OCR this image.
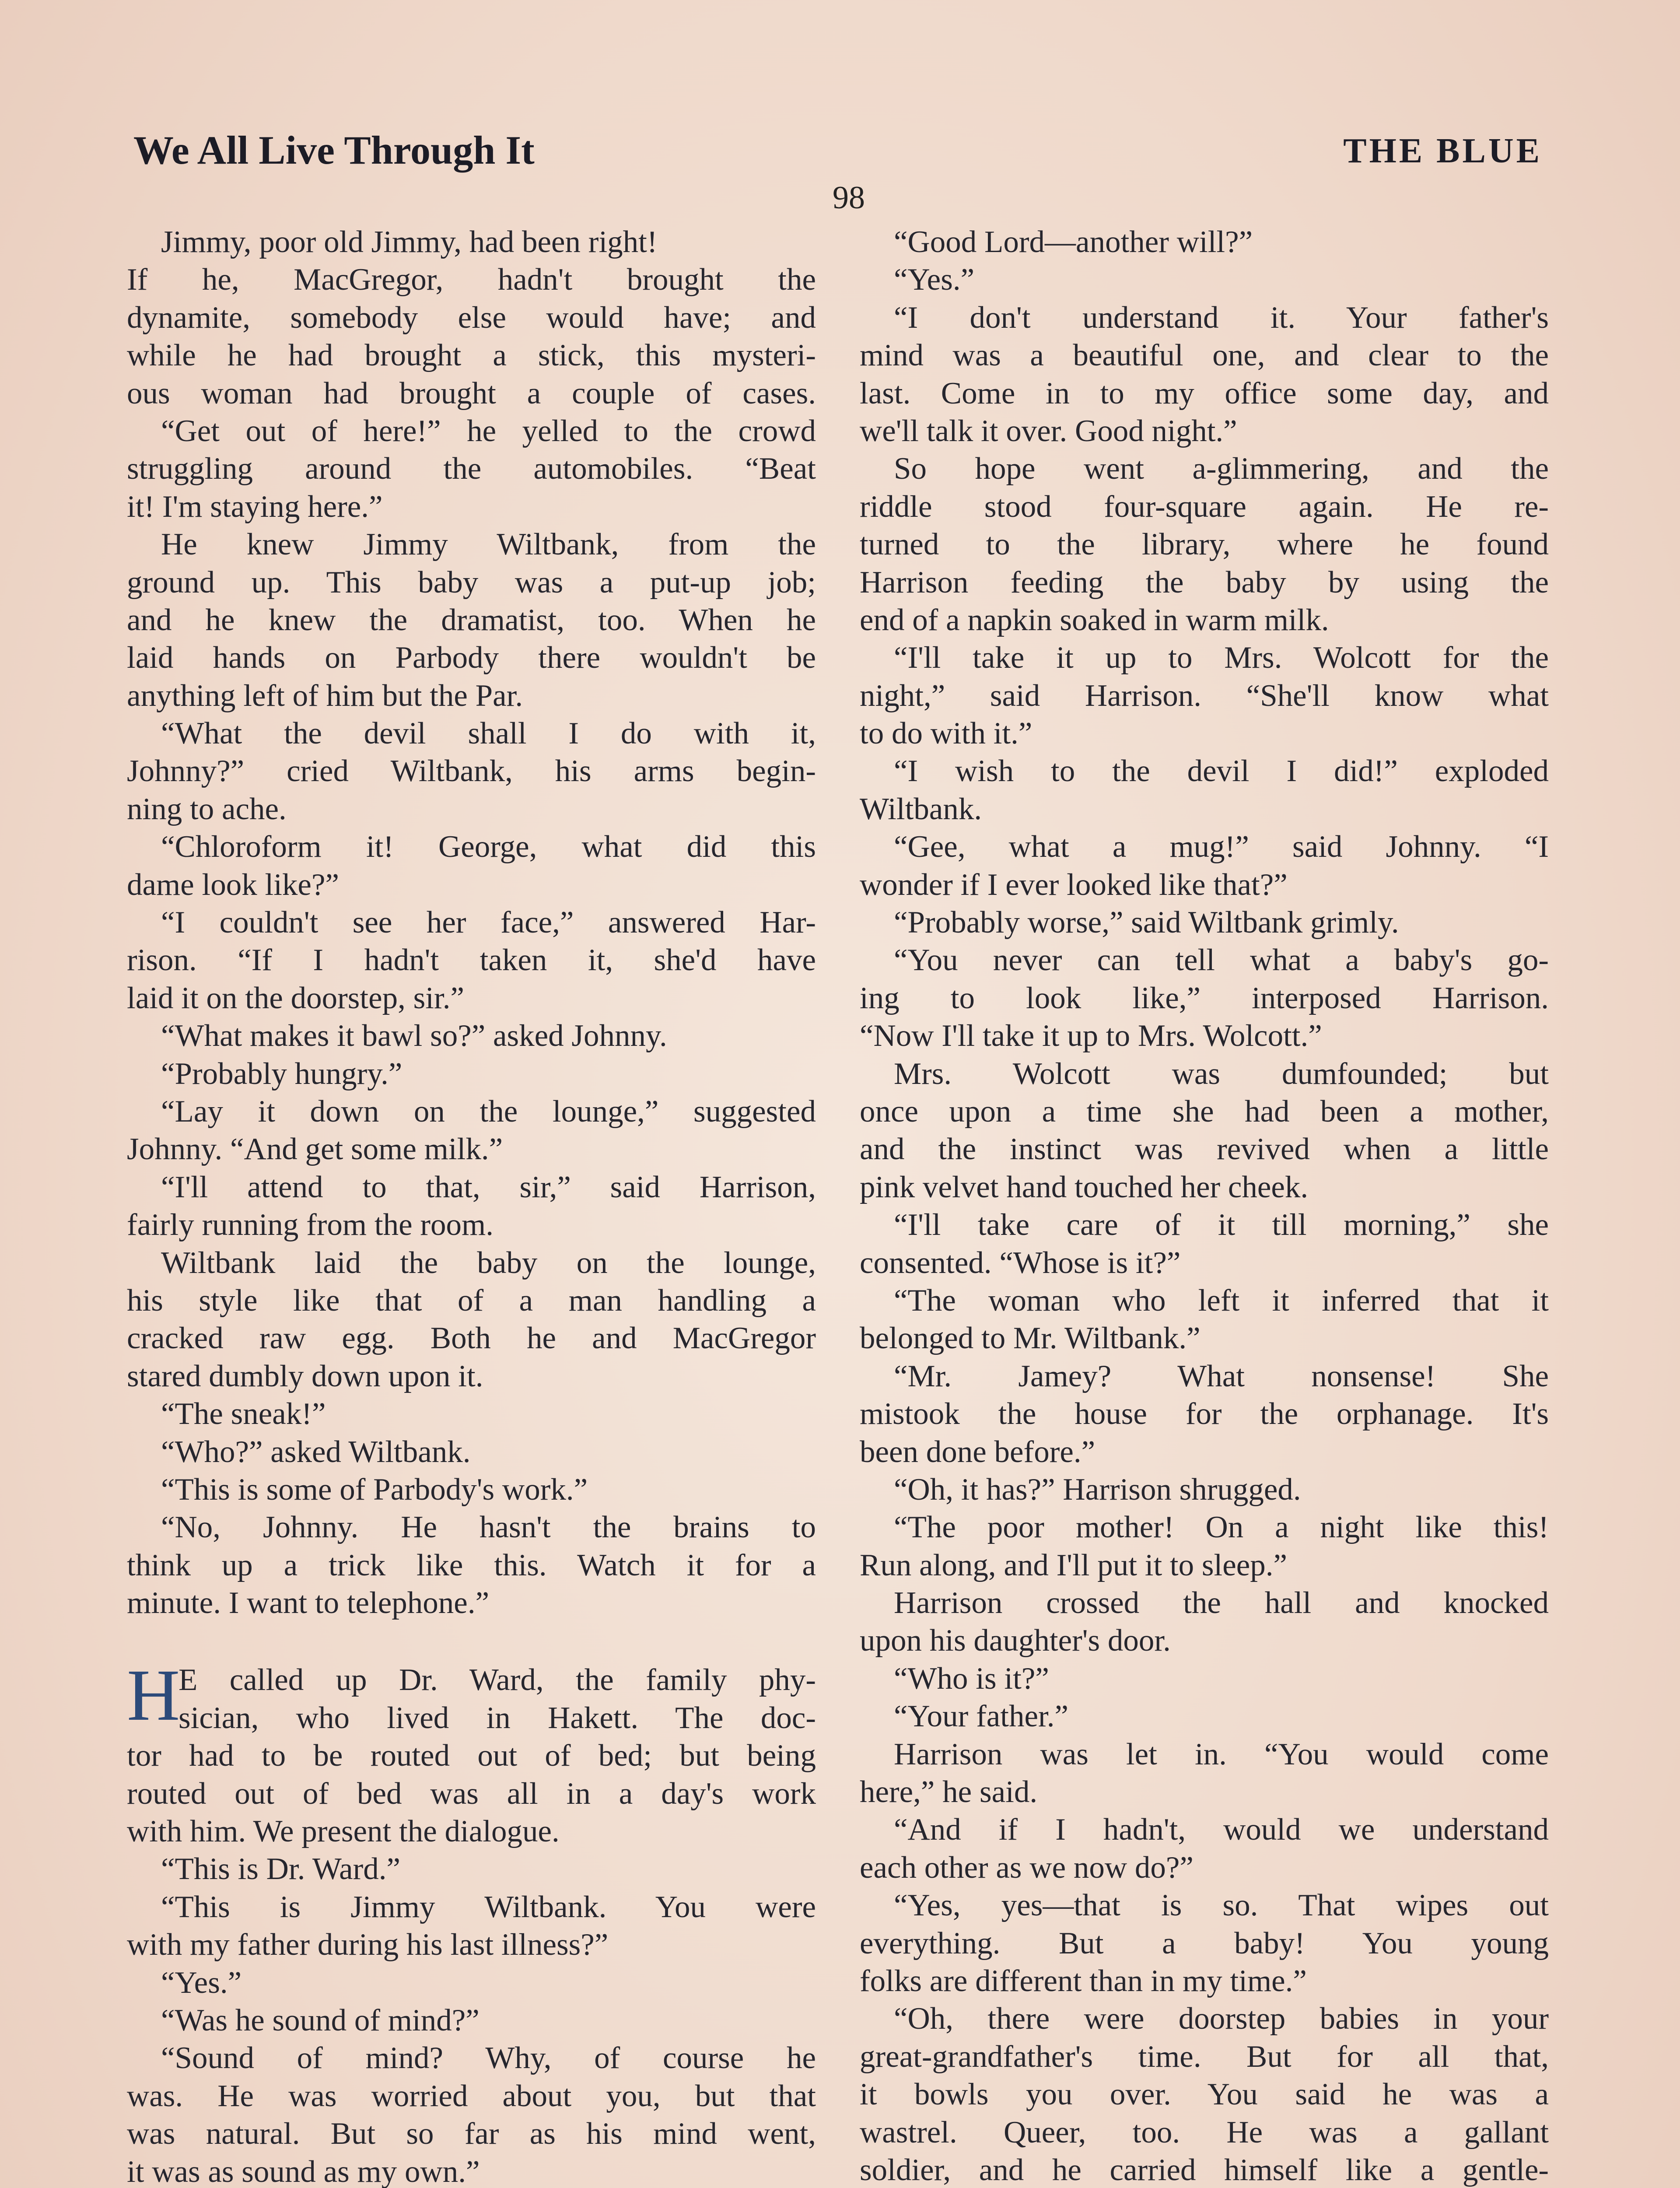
We All Live Through It	THE BLUE
98
Jimmy, poor old Jimmy, had been right!
If he, MacGregor, hadn't brought the
dynamite, somebody else would have; and
while he had brought a stick, this mysteri-
ous woman had brought a couple of cases.
“Get out of here!” he yelled to the crowd
struggling around the automobiles. “Beat
it! I'm staying here.”
He knew Jimmy Wiltbank, from the
ground up. This baby was a put-up job;
and he knew the dramatist, too. When he
laid hands on Parbody there wouldn't be
anything left of him but the Par.
“What the devil shall I do with it,
Johnny?” cried Wiltbank, his arms begin-
ning to ache.
“Chloroform it! George, what did this
dame look like?”
“I couldn't see her face,” answered Har-
rison. “If I hadn't taken it, she'd have
laid it on the doorstep, sir.”
“What makes it bawl so?” asked Johnny.
“Probably hungry.”
“Lay it down on the lounge,” suggested
Johnny. “And get some milk.”
“I'll attend to that, sir,” said Harrison,
fairly running from the room.
Wiltbank laid the baby on the lounge,
his style like that of a man handling a
cracked raw egg. Both he and MacGregor
stared dumbly down upon it.
“The sneak!”
“Who?” asked Wiltbank.
“This is some of Parbody's work.”
“No, Johnny. He hasn't the brains to
think up a trick like this. Watch it for a
minute. I want to telephone.”
H
E called up Dr. Ward, the family phy-
sician, who lived in Hakett. The doc-
tor had to be routed out of bed; but being
routed out of bed was all in a day's work
with him. We present the dialogue.
“This is Dr. Ward.”
“This is Jimmy Wiltbank. You were
with my father during his last illness?”
“Yes.”
“Was he sound of mind?”
“Sound of mind? Why, of course he
was. He was worried about you, but that
was natural. But so far as his mind went,
it was as sound as my own.”
“Good Lord—another will?”
“Yes.”
“I don't understand it. Your father's
mind was a beautiful one, and clear to the
last. Come in to my office some day, and
we'll talk it over. Good night.”
So hope went a-glimmering, and the
riddle stood four-square again. He re-
turned to the library, where he found
Harrison feeding the baby by using the
end of a napkin soaked in warm milk.
“I'll take it up to Mrs. Wolcott for the
night,” said Harrison. “She'll know what
to do with it.”
“I wish to the devil I did!” exploded
Wiltbank.
“Gee, what a mug!” said Johnny. “I
wonder if I ever looked like that?”
“Probably worse,” said Wiltbank grimly.
“You never can tell what a baby's go-
ing to look like,” interposed Harrison.
“Now I'll take it up to Mrs. Wolcott.”
Mrs. Wolcott was dumfounded; but
once upon a time she had been a mother,
and the instinct was revived when a little
pink velvet hand touched her cheek.
“I'll take care of it till morning,” she
consented. “Whose is it?”
“The woman who left it inferred that it
belonged to Mr. Wiltbank.”
“Mr. Jamey? What nonsense! She
mistook the house for the orphanage. It's
been done before.”
“Oh, it has?” Harrison shrugged.
“The poor mother! On a night like this!
Run along, and I'll put it to sleep.”
Harrison crossed the hall and knocked
upon his daughter's door.
“Who is it?”
“Your father.”
Harrison was let in. “You would come
here,” he said.
“And if I hadn't, would we understand
each other as we now do?”
“Yes, yes—that is so. That wipes out
everything. But a baby! You young
folks are different than in my time.”
“Oh, there were doorstep babies in your
great-grandfather's time. But for all that,
it bowls you over. You said he was a
wastrel. Queer, too. He was a gallant
soldier, and he carried himself like a gentle-
